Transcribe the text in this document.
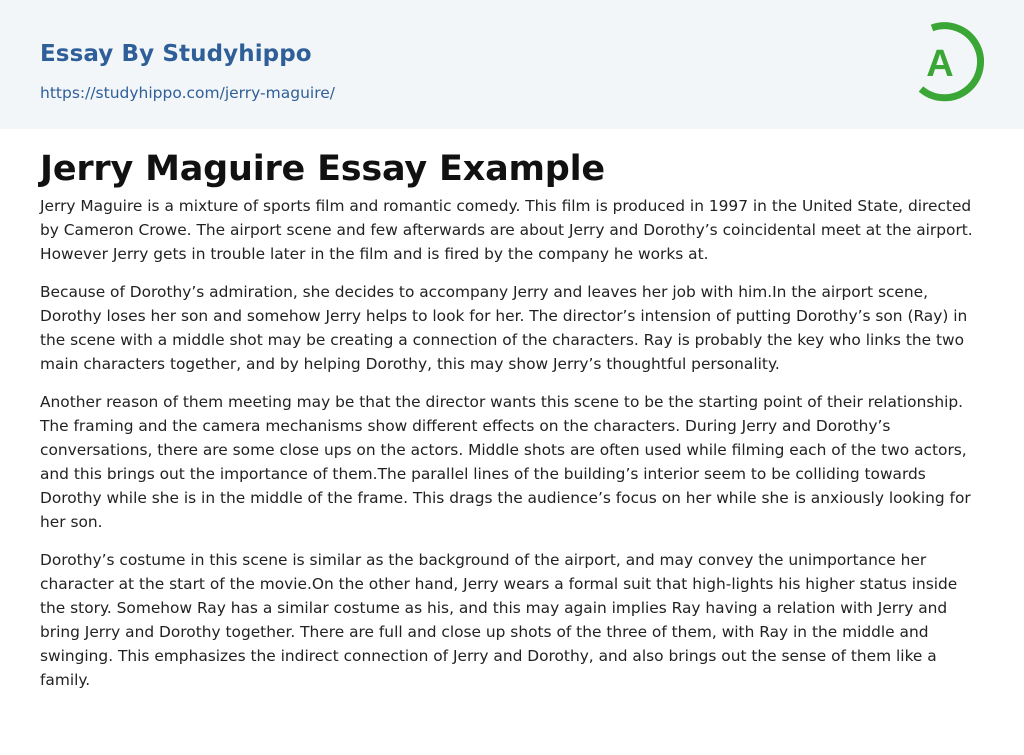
Essay By Studyhippo
https://studyhippo.com/jerry-maguire/
A
Jerry Maguire Essay Example

Jerry Maguire is a mixture of sports film and romantic comedy. This film is produced in 1997 in the United State, directed by Cameron Crowe. The airport scene and few afterwards are about Jerry and Dorothy’s coincidental meet at the airport. However Jerry gets in trouble later in the film and is fired by the company he works at.

Because of Dorothy’s admiration, she decides to accompany Jerry and leaves her job with him.In the airport scene, Dorothy loses her son and somehow Jerry helps to look for her. The director’s intension of putting Dorothy’s son (Ray) in the scene with a middle shot may be creating a connection of the characters. Ray is probably the key who links the two main characters together, and by helping Dorothy, this may show Jerry’s thoughtful personality.

Another reason of them meeting may be that the director wants this scene to be the starting point of their relationship. The framing and the camera mechanisms show different effects on the characters. During Jerry and Dorothy’s conversations, there are some close ups on the actors. Middle shots are often used while filming each of the two actors, and this brings out the importance of them.The parallel lines of the building’s interior seem to be colliding towards Dorothy while she is in the middle of the frame. This drags the audience’s focus on her while she is anxiously looking for her son.

Dorothy’s costume in this scene is similar as the background of the airport, and may convey the unimportance her character at the start of the movie.On the other hand, Jerry wears a formal suit that high-lights his higher status inside the story. Somehow Ray has a similar costume as his, and this may again implies Ray having a relation with Jerry and bring Jerry and Dorothy together. There are full and close up shots of the three of them, with Ray in the middle and swinging. This emphasizes the indirect connection of Jerry and Dorothy, and also brings out the sense of them like a family.
